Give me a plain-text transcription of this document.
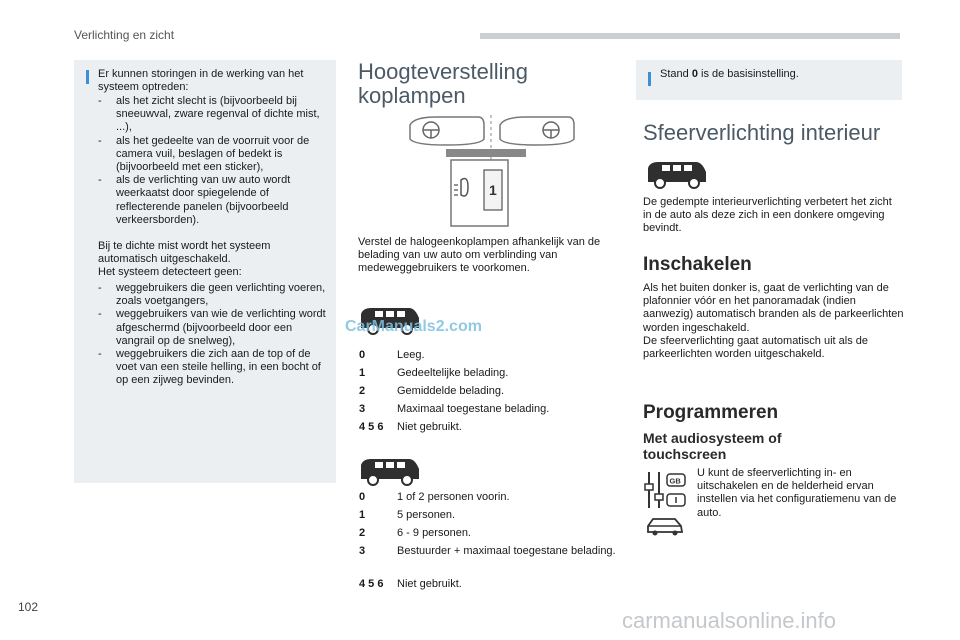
Verlichting en zicht
Er kunnen storingen in de werking van het systeem optreden:
- als het zicht slecht is (bijvoorbeeld bij sneeuwval, zware regenval of dichte mist, ...),
- als het gedeelte van de voorruit voor de camera vuil, beslagen of bedekt is (bijvoorbeeld met een sticker),
- als de verlichting van uw auto wordt weerkaatst door spiegelende of reflecterende panelen (bijvoorbeeld verkeersborden).
Bij te dichte mist wordt het systeem automatisch uitgeschakeld.
Het systeem detecteert geen:
- weggebruikers die geen verlichting voeren, zoals voetgangers,
- weggebruikers van wie de verlichting wordt afgeschermd (bijvoorbeeld door een vangrail op de snelweg),
- weggebruikers die zich aan de top of de voet van een steile helling, in een bocht of op een zijweg bevinden.
Hoogteverstelling koplampen
1
Verstel de halogeenkoplampen afhankelijk van de belading van uw auto om verblinding van medeweggebruikers te voorkomen.
CarManuals2.com
0	Leeg.
1	Gedeeltelijke belading.
2	Gemiddelde belading.
3	Maximaal toegestane belading.
4 5 6	Niet gebruikt.
0	1 of 2 personen voorin.
1	5 personen.
2	6 - 9 personen.
3	Bestuurder + maximaal toegestane belading.
4 5 6	Niet gebruikt.
Stand 0 is de basisinstelling.
Sfeerverlichting interieur
De gedempte interieurverlichting verbetert het zicht in de auto als deze zich in een donkere omgeving bevindt.
Inschakelen
Als het buiten donker is, gaat de verlichting van de plafonnier vóór en het panoramadak (indien aanwezig) automatisch branden als de parkeerlichten worden ingeschakeld.
De sfeerverlichting gaat automatisch uit als de parkeerlichten worden uitgeschakeld.
Programmeren
Met audiosysteem of touchscreen
GB
U kunt de sfeerverlichting in- en uitschakelen en de helderheid ervan instellen via het configuratiemenu van de auto.
102
carmanualsonline.info
